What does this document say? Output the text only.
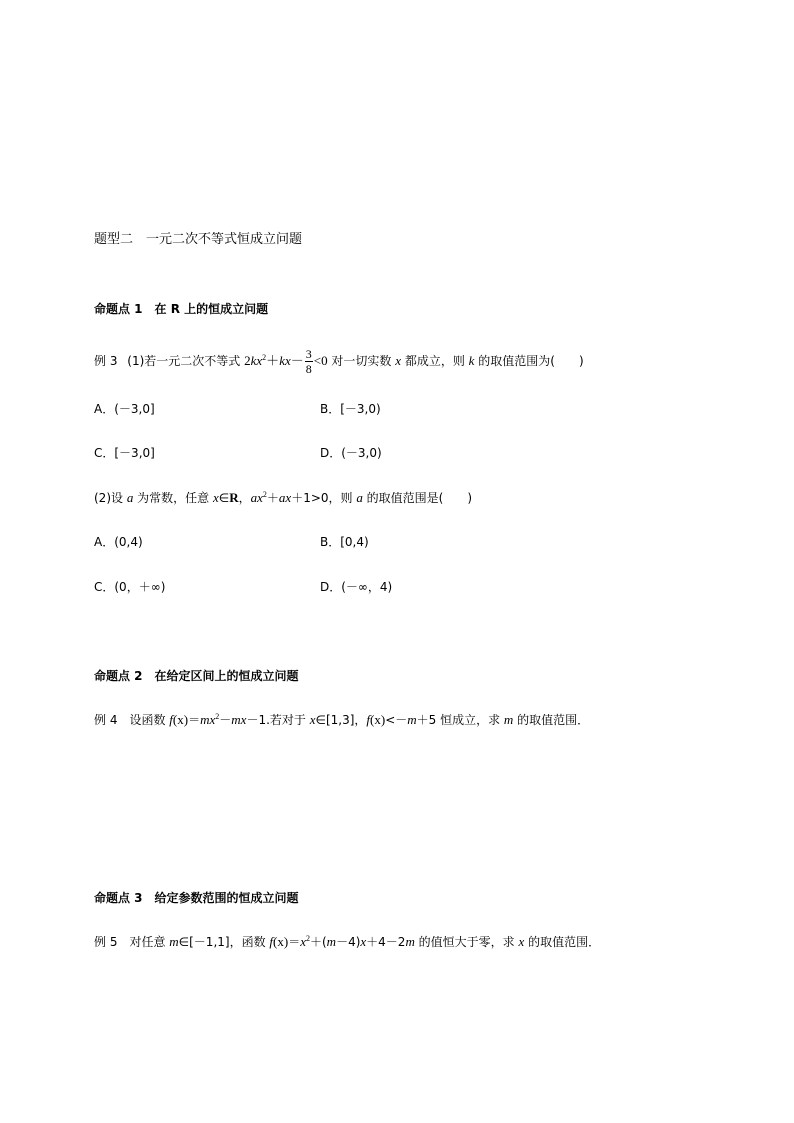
题型二　一元二次不等式恒成立问题
命题点 1　在 R 上的恒成立问题
例 3 (1)若一元二次不等式 $2kx^2+kx- \frac{3}{8} <0$ 对一切实数 x 都成立，则 k 的取值范围为(　　)
A．(－3,0]	B．[－3,0)
C．[－3,0]	D．(－3,0)
(2)设 a 为常数，任意 x∈R，$ax^2+ax+1>0$，则 a 的取值范围是(　　)
A．(0,4)	B．[0,4)
C．(0，＋∞)	D．(－∞，4)
命题点 2　在给定区间上的恒成立问题
例 4　设函数 $f(x)=mx^2-mx-1$.若对于 x∈[1,3]，f(x)<－m＋5 恒成立，求 m 的取值范围．
命题点 3　给定参数范围的恒成立问题
例 5　对任意 m∈[－1,1]，函数 $f(x)=x^2+(m-4)x+4-2m$ 的值恒大于零，求 x 的取值范围．
